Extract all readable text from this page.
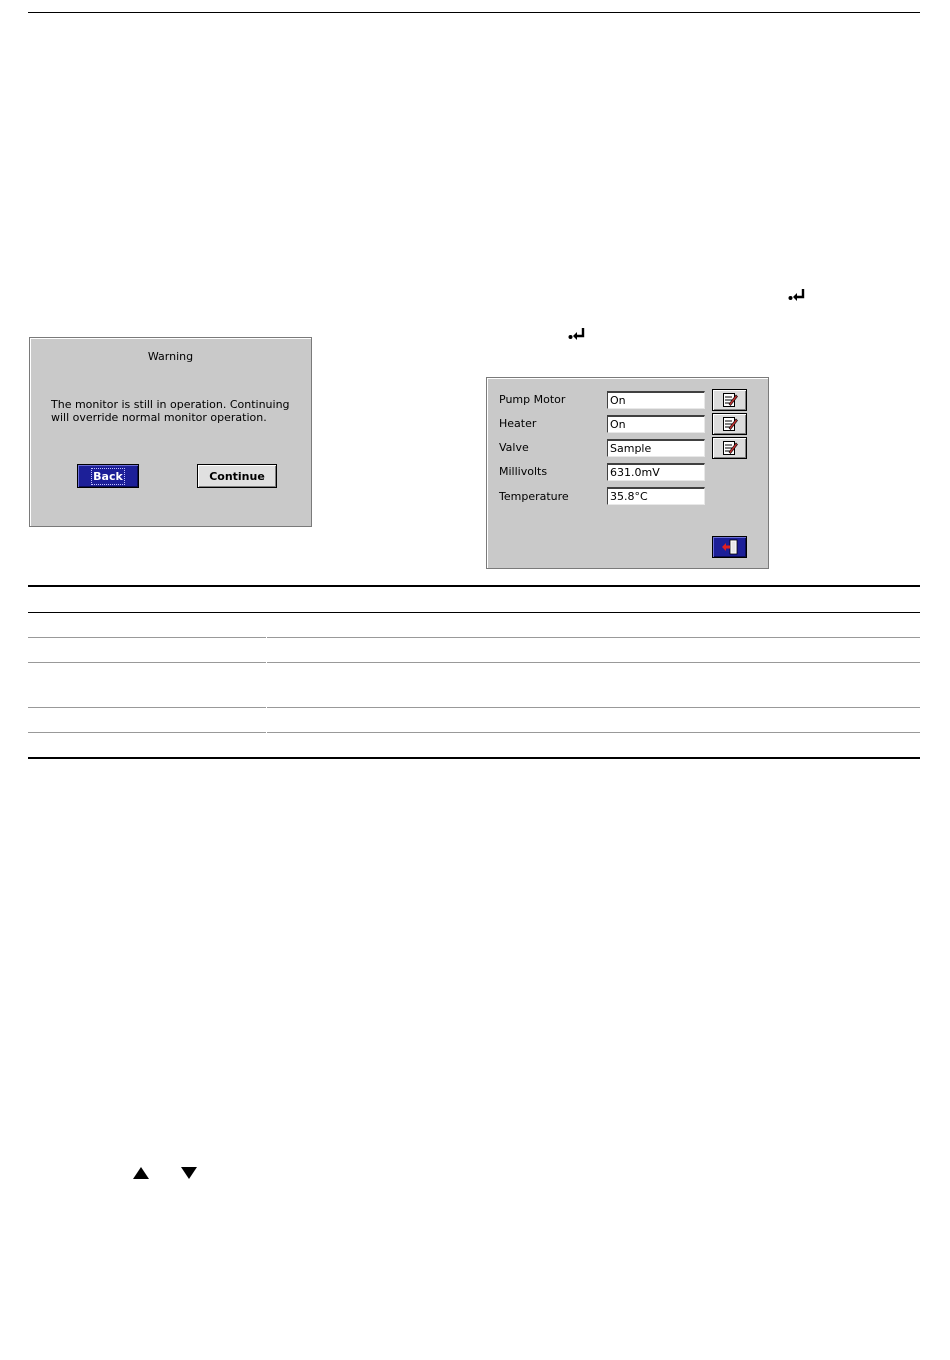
Warning
The monitor is still in operation. Continuing will override normal monitor operation.
Back	Continue
Pump Motor	On
Heater	On
Valve	Sample
Millivolts	631.0mV
Temperature	35.8°C
